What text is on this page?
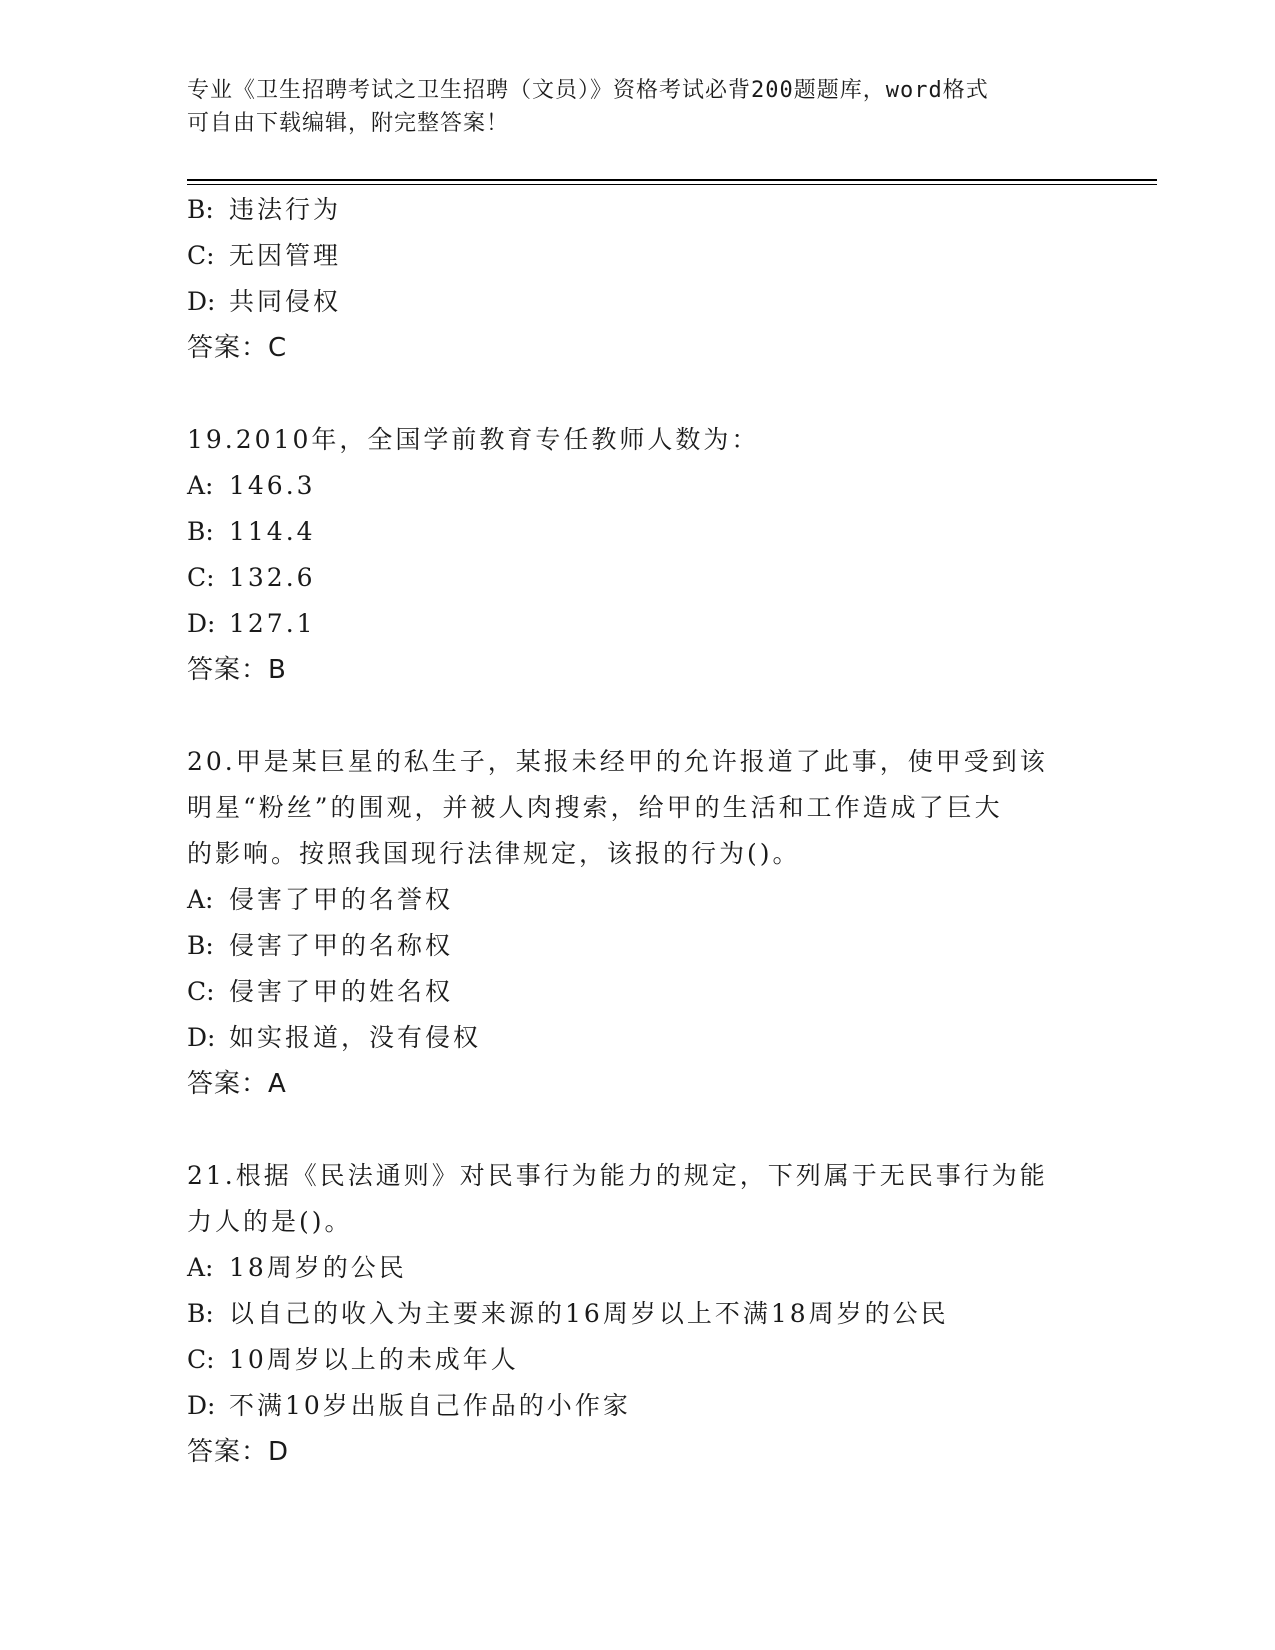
专业《卫生招聘考试之卫生招聘（文员）》资格考试必背200题题库，word格式
可自由下载编辑，附完整答案！
B: 违法行为
C: 无因管理
D: 共同侵权
答案：C
19.2010年，全国学前教育专任教师人数为：
A: 146.3
B: 114.4
C: 132.6
D: 127.1
答案：B
20.甲是某巨星的私生子，某报未经甲的允许报道了此事，使甲受到该
明星“粉丝”的围观，并被人肉搜索，给甲的生活和工作造成了巨大
的影响。按照我国现行法律规定，该报的行为()。
A: 侵害了甲的名誉权
B: 侵害了甲的名称权
C: 侵害了甲的姓名权
D: 如实报道，没有侵权
答案：A
21.根据《民法通则》对民事行为能力的规定，下列属于无民事行为能
力人的是()。
A: 18周岁的公民
B: 以自己的收入为主要来源的16周岁以上不满18周岁的公民
C: 10周岁以上的未成年人
D: 不满10岁出版自己作品的小作家
答案：D
